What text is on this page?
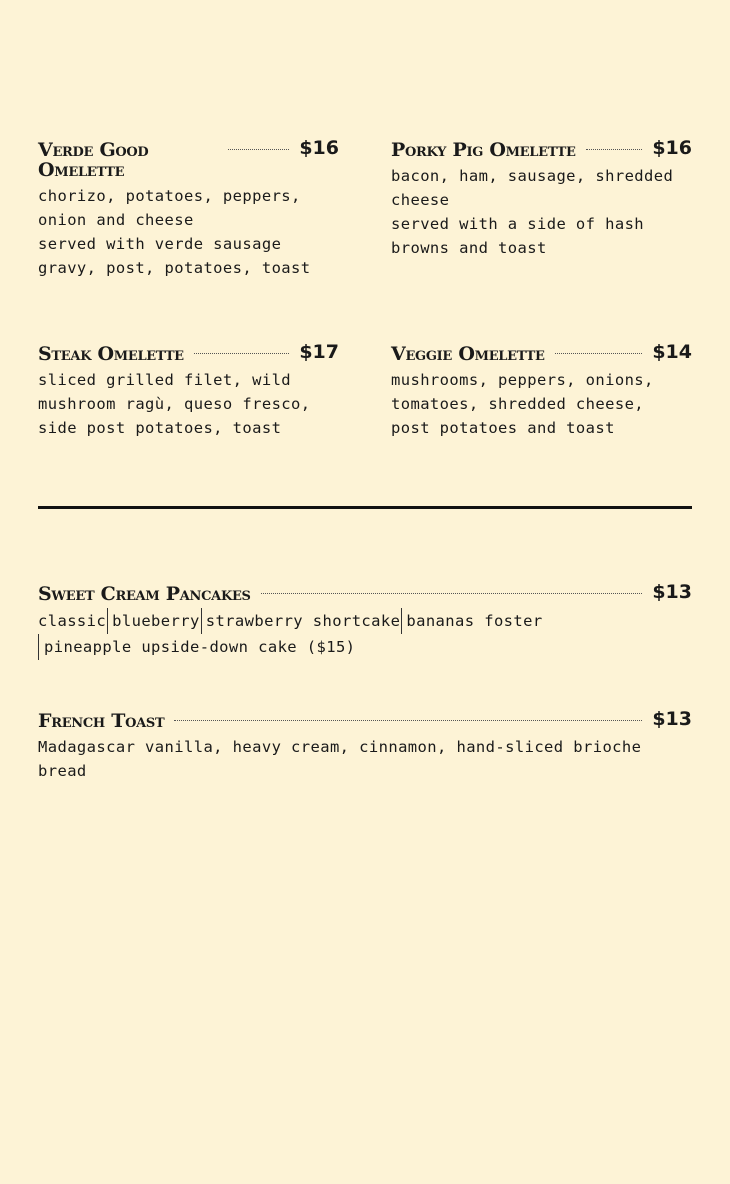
Verde Good Omelette
$16

chorizo, potatoes, peppers, onion and cheese
served with verde sausage gravy, post, potatoes, toast

Porky Pig Omelette	$16

bacon, ham, sausage, shredded cheese
served with a side of hash browns and toast

Steak Omelette	$17

sliced grilled filet, wild mushroom ragù, queso fresco, side post potatoes, toast

Veggie Omelette	$14

mushrooms, peppers, onions, tomatoes, shredded cheese, post potatoes and toast

Sweet Cream Pancakes	$13

classic blueberry strawberry shortcake bananas foster
pineapple upside-down cake ($15)

French Toast	$13

Madagascar vanilla, heavy cream, cinnamon, hand-sliced brioche bread
